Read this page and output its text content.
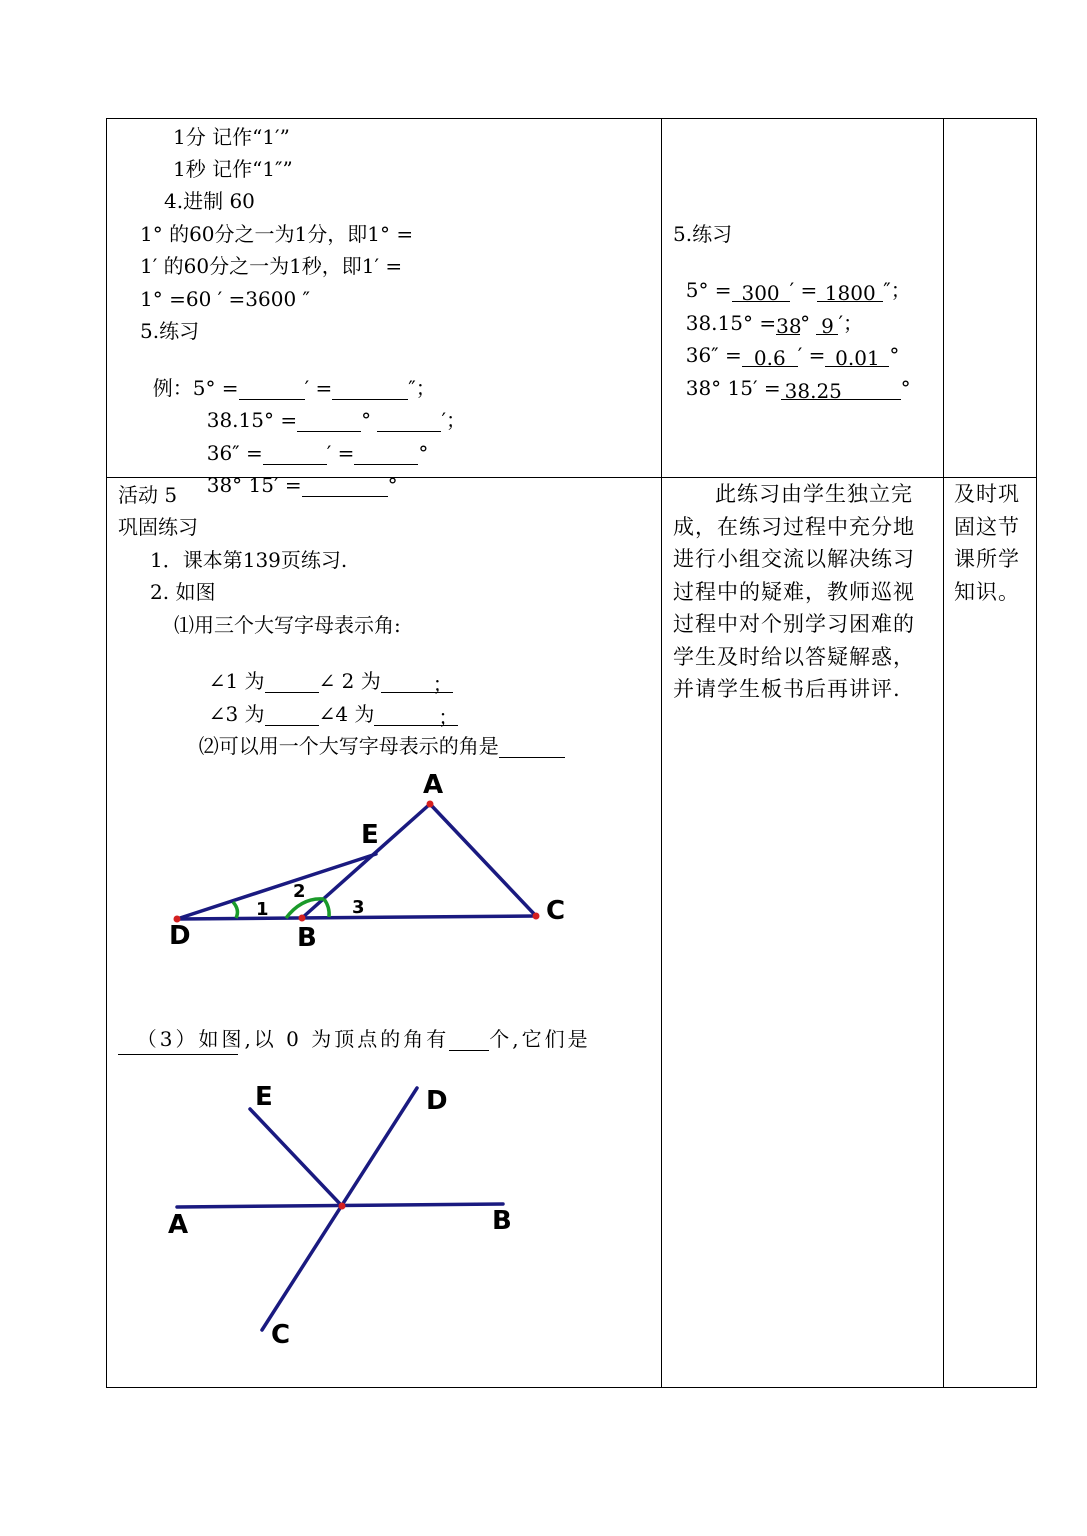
1分 记作“1′”
1秒 记作“1″”
4.进制 60
1° 的60分之一为1分，即1° =
1′ 的60分之一为1秒，即1′ =
1° =60 ′ =3600 ″
5.练习

例：5° =	′ =	″；

38.15° =	°	′；

36″ =	′ =	°

38° 15′ =	°

5.练习

5° = 300 ′ = 1800 ″；

38.15° =38° 9 ′；

36″ = 0.6 ′ = 0.01 °

38° 15′ = 38.25	°

活动 5
巩固练习
1．课本第139页练习.
2. 如图
⑴用三个大写字母表示角:

∠1 为	∠ 2 为	；

∠3 为	∠4 为	；

⑵可以用一个大写字母表示的角是

A
E
C
D	B
1
2
3

（3）如图,以 0 为顶点的角有 个,它们是

E	D
A	B
C
此练习由学生独立完成，在练习过程中充分地进行小组交流以解决练习过程中的疑难，教师巡视过程中对个别学习困难的学生及时给以答疑解惑，并请学生板书后再讲评.
及时巩固这节课所学知识。
